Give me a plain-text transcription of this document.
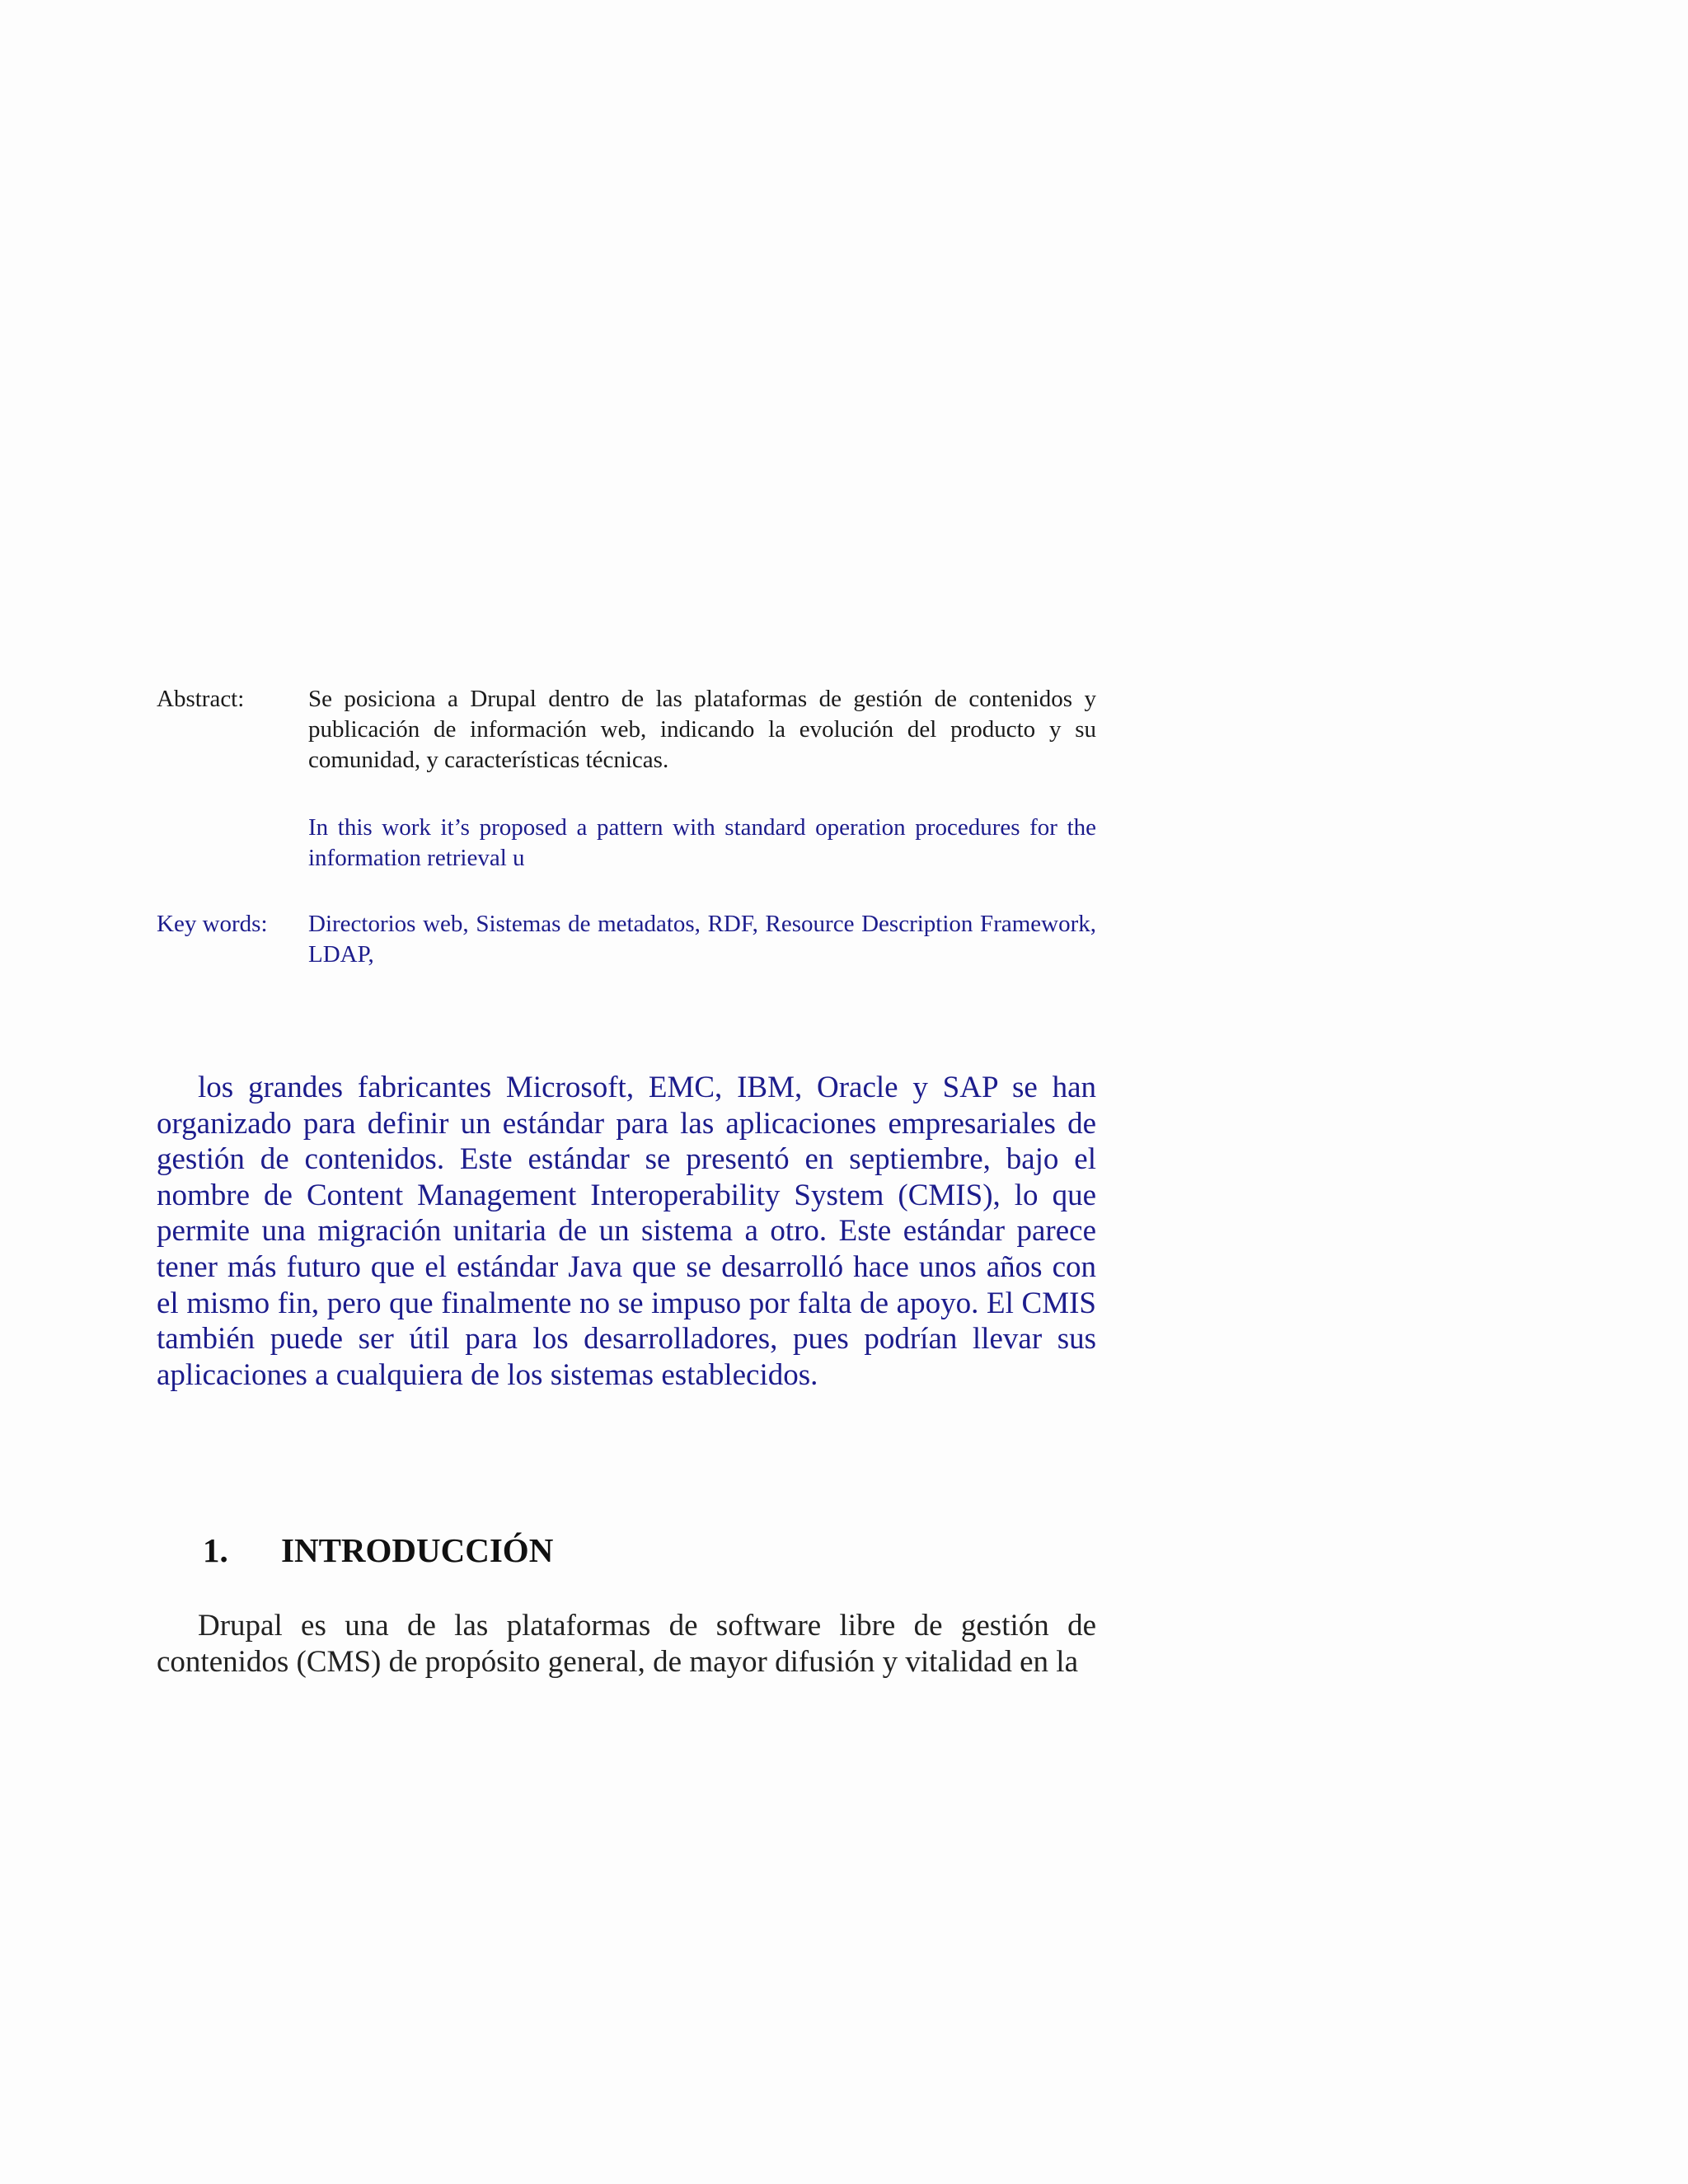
Abstract:	Se posiciona a Drupal dentro de las plataformas de gestión de contenidos y publicación de información web, indicando la evolución del producto y su comunidad, y características técnicas.
In this work it’s proposed a pattern with standard operation procedures for the information retrieval u
Key words: Directorios web, Sistemas de metadatos, RDF, Resource Description Framework, LDAP,
los grandes fabricantes Microsoft, EMC, IBM, Oracle y SAP se han organizado para definir un estándar para las aplicaciones empresariales de gestión de contenidos. Este estándar se presentó en septiembre, bajo el nombre de Content Management Interoperability System (CMIS), lo que permite una migración unitaria de un sistema a otro. Este estándar parece tener más futuro que el estándar Java que se desarrolló hace unos años con el mismo fin, pero que finalmente no se impuso por falta de apoyo. El CMIS también puede ser útil para los desarrolladores, pues podrían llevar sus aplicaciones a cualquiera de los sistemas establecidos.
1. INTRODUCCIÓN
Drupal es una de las plataformas de software libre de gestión de contenidos (CMS) de propósito general, de mayor difusión y vitalidad en la
